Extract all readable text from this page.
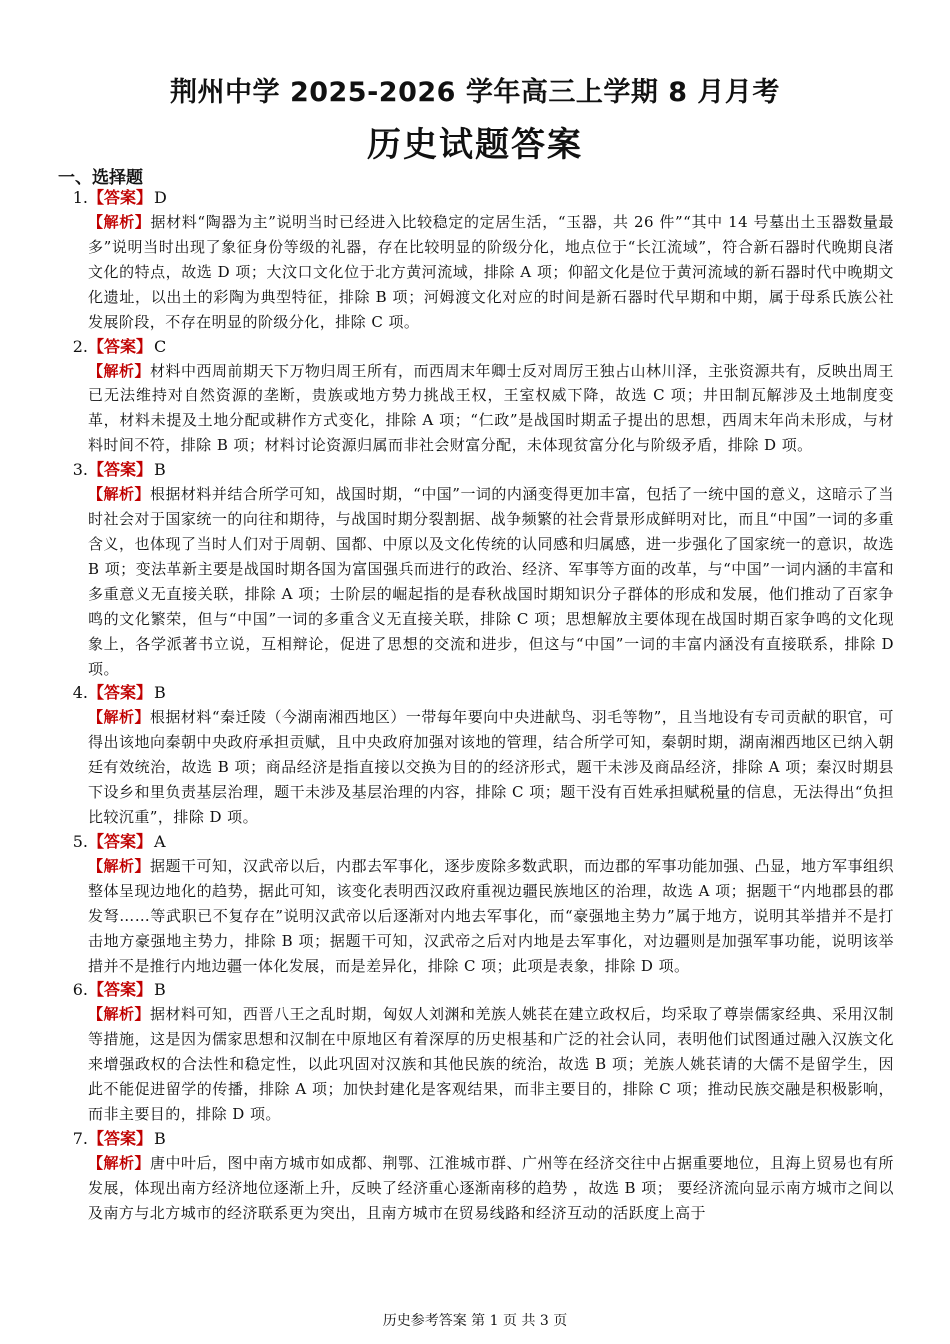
荆州中学 2025-2026 学年高三上学期 8 月月考
历史试题答案
一、选择题
1.【答案】 D
【解析】据材料“陶器为主”说明当时已经进入比较稳定的定居生活，“玉器，共 26 件”“其中 14 号墓出土玉器数量最多”说明当时出现了象征身份等级的礼器，存在比较明显的阶级分化，地点位于“长江流域”，符合新石器时代晚期良渚文化的特点，故选 D 项；大汶口文化位于北方黄河流域，排除 A 项；仰韶文化是位于黄河流域的新石器时代中晚期文化遗址，以出土的彩陶为典型特征，排除 B 项；河姆渡文化对应的时间是新石器时代早期和中期，属于母系氏族公社发展阶段，不存在明显的阶级分化，排除 C 项。
2.【答案】 C
【解析】材料中西周前期天下万物归周王所有，而西周末年卿士反对周厉王独占山林川泽，主张资源共有，反映出周王已无法维持对自然资源的垄断，贵族或地方势力挑战王权，王室权威下降，故选 C 项；井田制瓦解涉及土地制度变革，材料未提及土地分配或耕作方式变化，排除 A 项；“仁政”是战国时期孟子提出的思想，西周末年尚未形成，与材料时间不符，排除 B 项；材料讨论资源归属而非社会财富分配，未体现贫富分化与阶级矛盾，排除 D 项。
3.【答案】 B
【解析】根据材料并结合所学可知，战国时期，“中国”一词的内涵变得更加丰富，包括了一统中国的意义，这暗示了当时社会对于国家统一的向往和期待，与战国时期分裂割据、战争频繁的社会背景形成鲜明对比，而且“中国”一词的多重含义，也体现了当时人们对于周朝、国都、中原以及文化传统的认同感和归属感，进一步强化了国家统一的意识，故选 B 项；变法革新主要是战国时期各国为富国强兵而进行的政治、经济、军事等方面的改革，与“中国”一词内涵的丰富和多重意义无直接关联，排除 A 项；士阶层的崛起指的是春秋战国时期知识分子群体的形成和发展，他们推动了百家争鸣的文化繁荣，但与“中国”一词的多重含义无直接关联，排除 C 项；思想解放主要体现在战国时期百家争鸣的文化现象上，各学派著书立说，互相辩论，促进了思想的交流和进步，但这与“中国”一词的丰富内涵没有直接联系，排除 D 项。
4.【答案】 B
【解析】根据材料“秦迁陵（今湖南湘西地区）一带每年要向中央进献鸟、羽毛等物”，且当地设有专司贡献的职官，可得出该地向秦朝中央政府承担贡赋，且中央政府加强对该地的管理，结合所学可知，秦朝时期，湖南湘西地区已纳入朝廷有效统治，故选 B 项；商品经济是指直接以交换为目的的经济形式，题干未涉及商品经济，排除 A 项；秦汉时期县下设乡和里负责基层治理，题干未涉及基层治理的内容，排除 C 项；题干没有百姓承担赋税量的信息，无法得出“负担比较沉重”，排除 D 项。
5.【答案】 A
【解析】据题干可知，汉武帝以后，内郡去军事化，逐步废除多数武职，而边郡的军事功能加强、凸显，地方军事组织整体呈现边地化的趋势，据此可知，该变化表明西汉政府重视边疆民族地区的治理，故选 A 项；据题干“内地郡县的郡发弩……等武职已不复存在”说明汉武帝以后逐渐对内地去军事化，而“豪强地主势力”属于地方，说明其举措并不是打击地方豪强地主势力，排除 B 项；据题干可知，汉武帝之后对内地是去军事化，对边疆则是加强军事功能，说明该举措并不是推行内地边疆一体化发展，而是差异化，排除 C 项；此项是表象，排除 D 项。
6.【答案】 B
【解析】据材料可知，西晋八王之乱时期，匈奴人刘渊和羌族人姚苌在建立政权后，均采取了尊崇儒家经典、采用汉制等措施，这是因为儒家思想和汉制在中原地区有着深厚的历史根基和广泛的社会认同，表明他们试图通过融入汉族文化来增强政权的合法性和稳定性，以此巩固对汉族和其他民族的统治，故选 B 项；羌族人姚苌请的大儒不是留学生，因此不能促进留学的传播，排除 A 项；加快封建化是客观结果，而非主要目的，排除 C 项；推动民族交融是积极影响，而非主要目的，排除 D 项。
7.【答案】 B
【解析】唐中叶后，图中南方城市如成都、荆鄂、江淮城市群、广州等在经济交往中占据重要地位，且海上贸易也有所发展，体现出南方经济地位逐渐上升，反映了经济重心逐渐南移的趋势 ，故选 B 项； 要经济流向显示南方城市之间以及南方与北方城市的经济联系更为突出，且南方城市在贸易线路和经济互动的活跃度上高于
历史参考答案 第 1 页 共 3 页
